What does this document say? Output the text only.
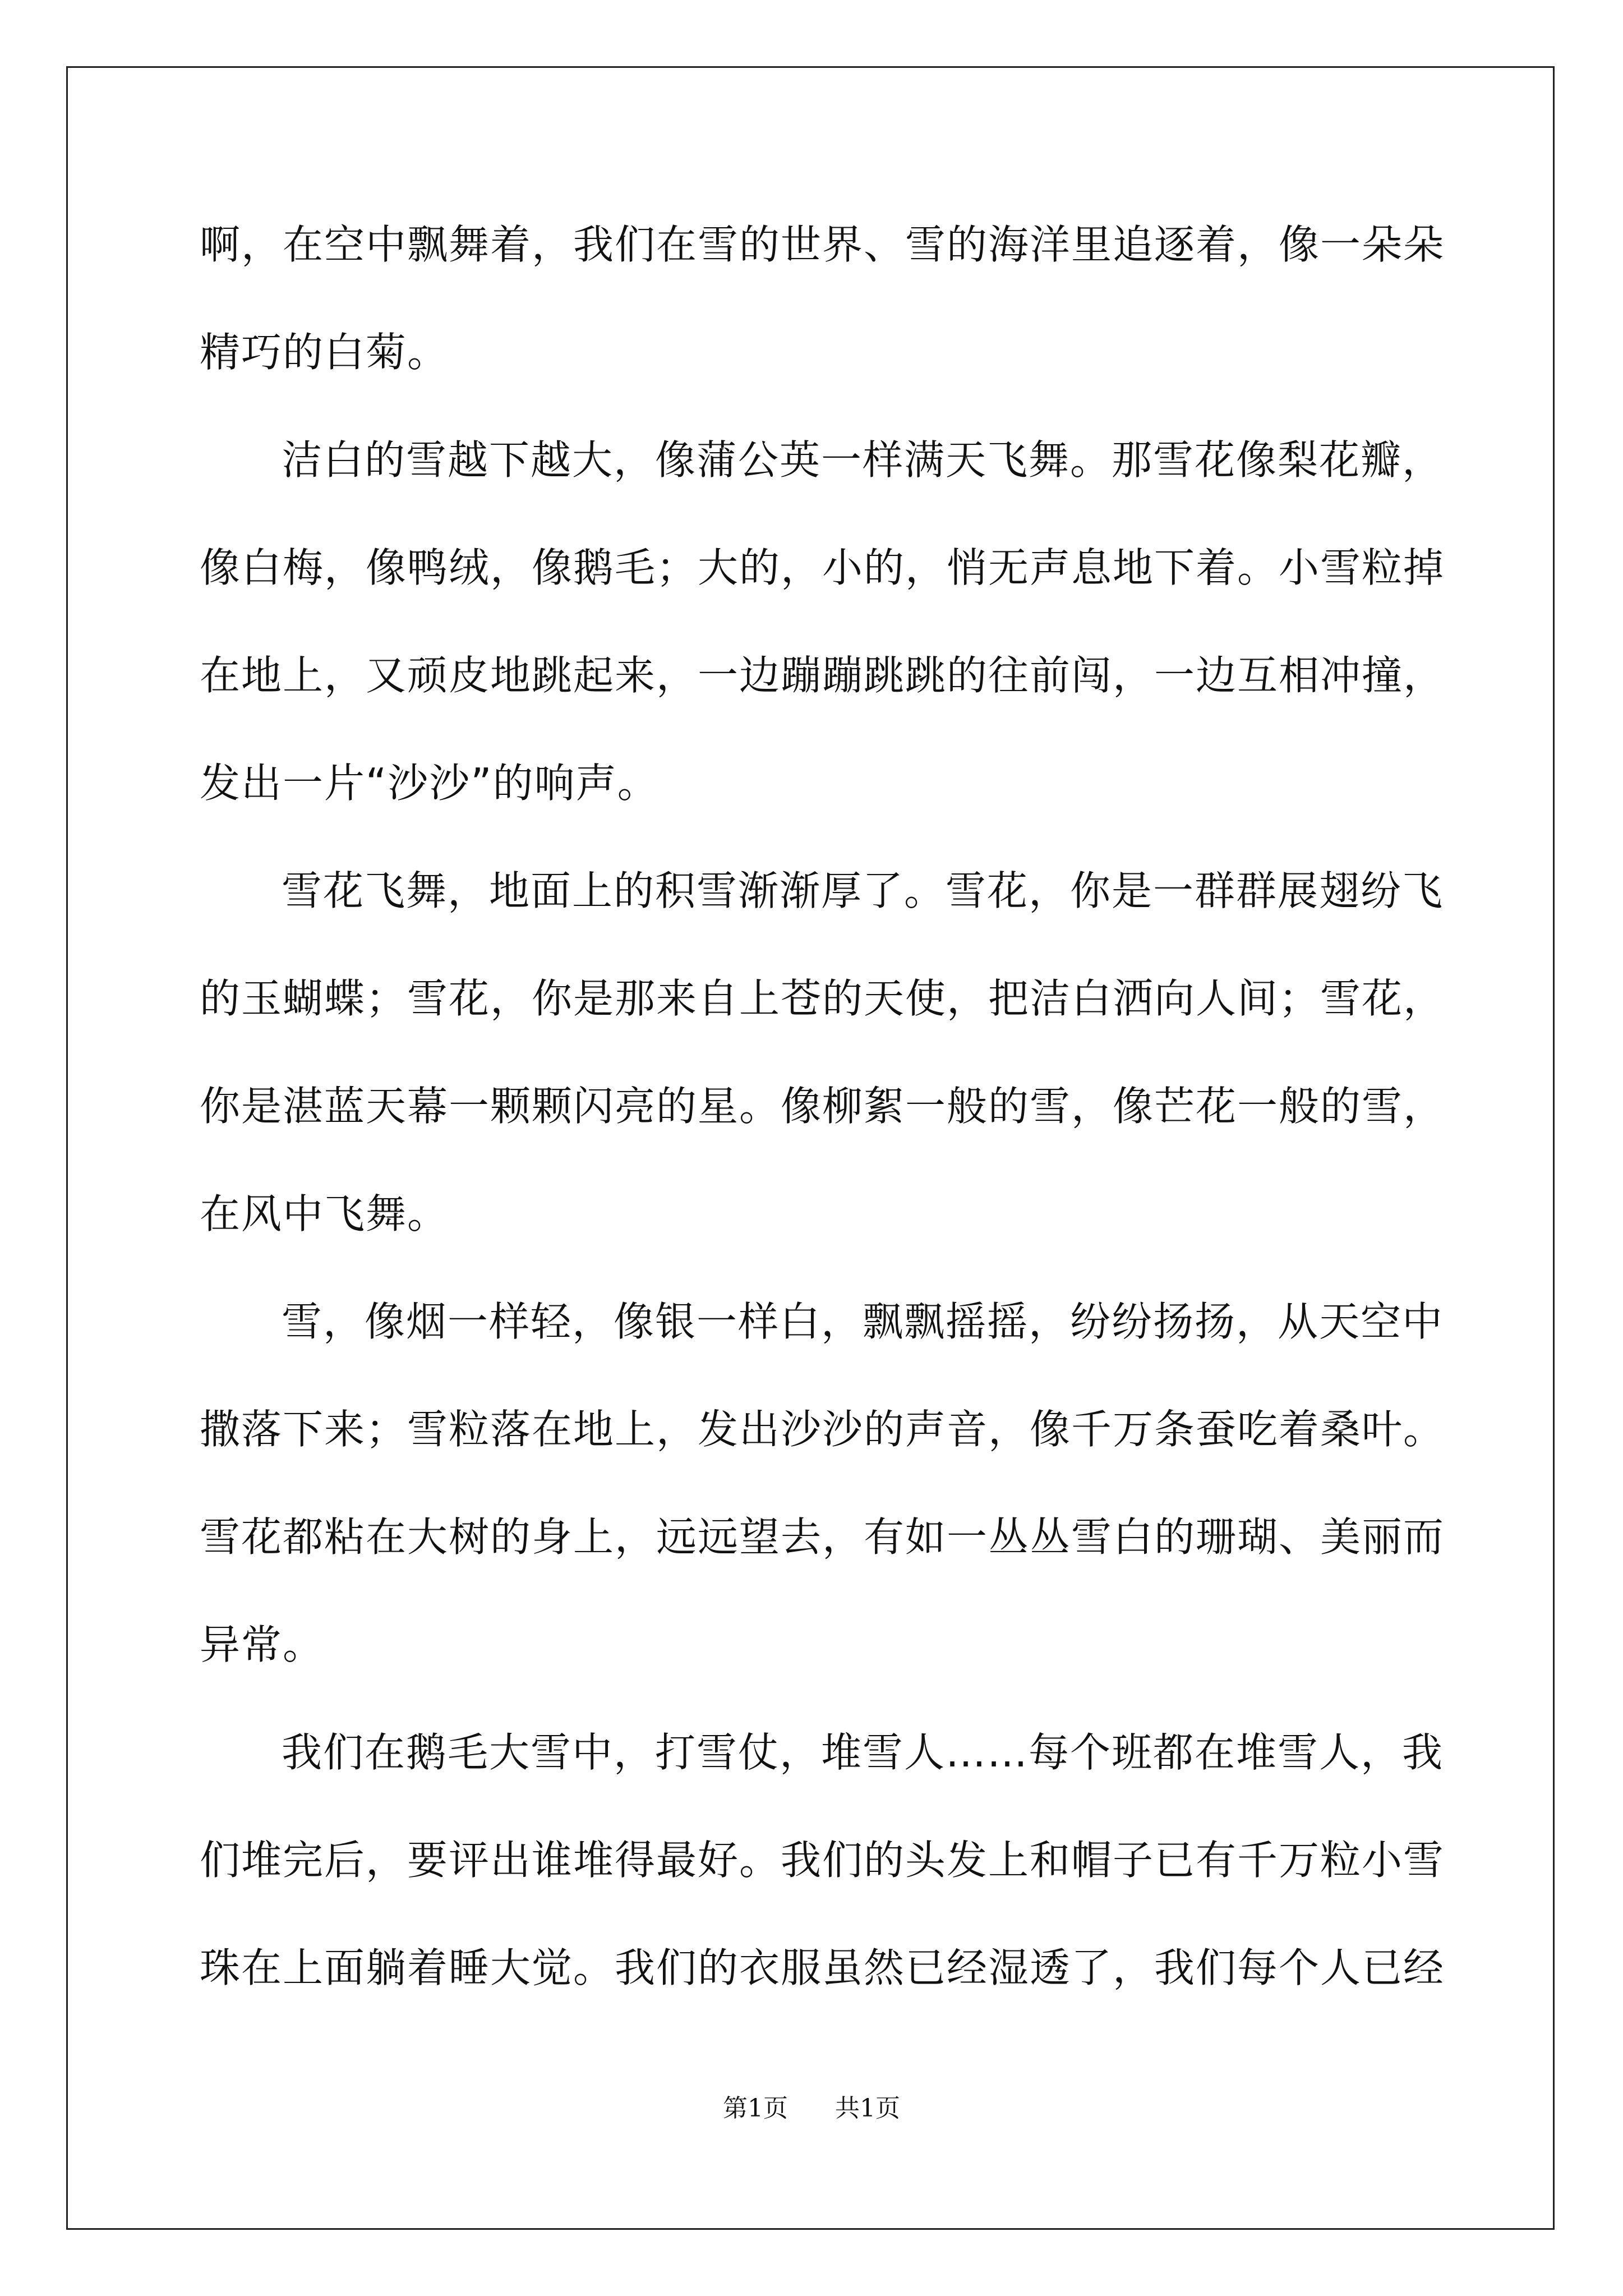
啊，在空中飘舞着，我们在雪的世界、雪的海洋里追逐着，像一朵朵
精巧的白菊。
洁白的雪越下越大，像蒲公英一样满天飞舞。那雪花像梨花瓣，
像白梅，像鸭绒，像鹅毛；大的，小的，悄无声息地下着。小雪粒掉
在地上，又顽皮地跳起来，一边蹦蹦跳跳的往前闯，一边互相冲撞，
发出一片“沙沙”的响声。
雪花飞舞，地面上的积雪渐渐厚了。雪花，你是一群群展翅纷飞
的玉蝴蝶；雪花，你是那来自上苍的天使，把洁白洒向人间；雪花，
你是湛蓝天幕一颗颗闪亮的星。像柳絮一般的雪，像芒花一般的雪，
在风中飞舞。
雪，像烟一样轻，像银一样白，飘飘摇摇，纷纷扬扬，从天空中
撒落下来；雪粒落在地上，发出沙沙的声音，像千万条蚕吃着桑叶。
雪花都粘在大树的身上，远远望去，有如一丛丛雪白的珊瑚、美丽而
异常。
我们在鹅毛大雪中，打雪仗，堆雪人……每个班都在堆雪人，我
们堆完后，要评出谁堆得最好。我们的头发上和帽子已有千万粒小雪
珠在上面躺着睡大觉。我们的衣服虽然已经湿透了，我们每个人已经
第1页 共1页
